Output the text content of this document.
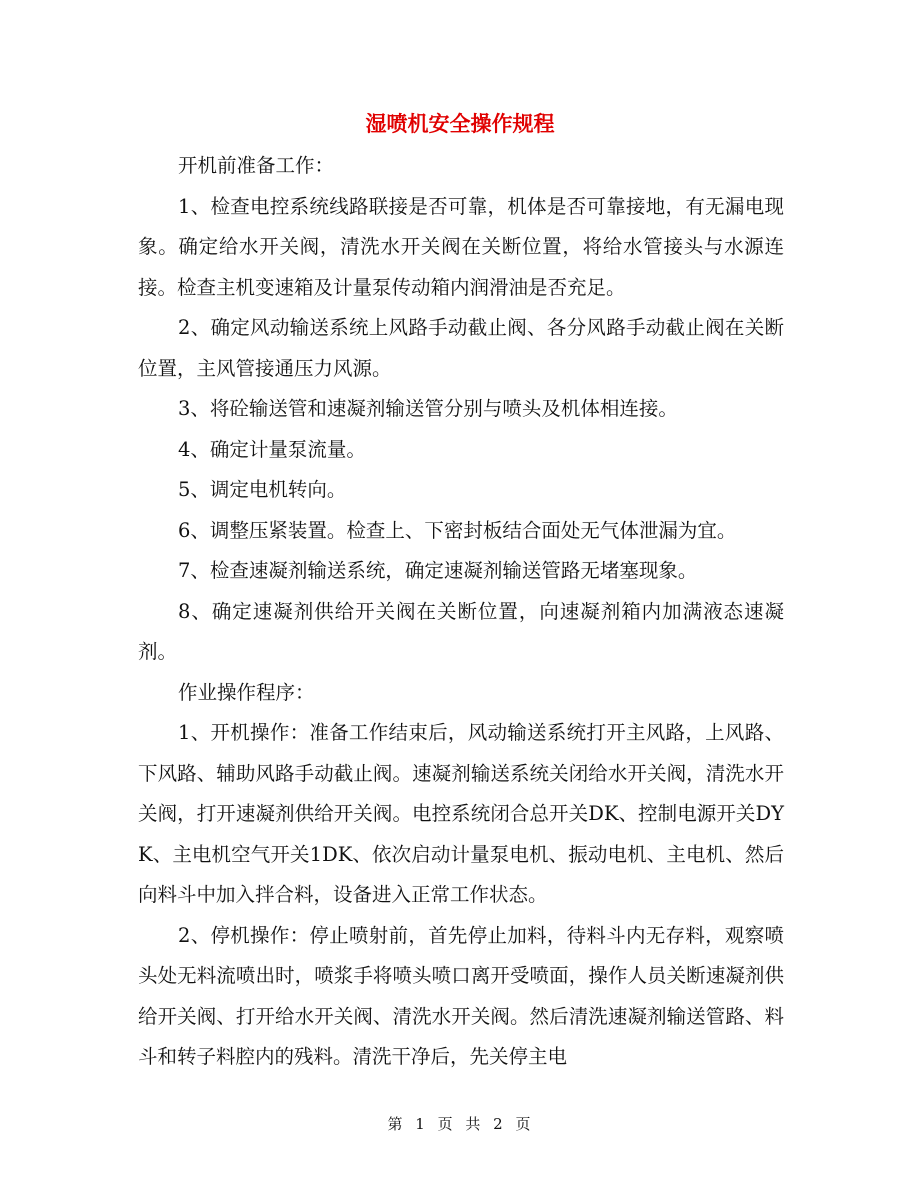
湿喷机安全操作规程

开机前准备工作：

1、检查电控系统线路联接是否可靠，机体是否可靠接地，有无漏电现象。确定给水开关阀，清洗水开关阀在关断位置，将给水管接头与水源连接。检查主机变速箱及计量泵传动箱内润滑油是否充足。

2、确定风动输送系统上风路手动截止阀、各分风路手动截止阀在关断位置，主风管接通压力风源。

3、将砼输送管和速凝剂输送管分别与喷头及机体相连接。

4、确定计量泵流量。

5、调定电机转向。

6、调整压紧装置。检查上、下密封板结合面处无气体泄漏为宜。

7、检查速凝剂输送系统，确定速凝剂输送管路无堵塞现象。

8、确定速凝剂供给开关阀在关断位置，向速凝剂箱内加满液态速凝剂。

作业操作程序：

1、开机操作：准备工作结束后，风动输送系统打开主风路，上风路、下风路、辅助风路手动截止阀。速凝剂输送系统关闭给水开关阀，清洗水开关阀，打开速凝剂供给开关阀。电控系统闭合总开关DK、控制电源开关DYK、主电机空气开关1DK、依次启动计量泵电机、振动电机、主电机、然后向料斗中加入拌合料，设备进入正常工作状态。

2、停机操作：停止喷射前，首先停止加料，待料斗内无存料，观察喷头处无料流喷出时，喷浆手将喷头喷口离开受喷面，操作人员关断速凝剂供给开关阀、打开给水开关阀、清洗水开关阀。然后清洗速凝剂输送管路、料斗和转子料腔内的残料。清洗干净后，先关停主电

第 1 页 共 2 页
